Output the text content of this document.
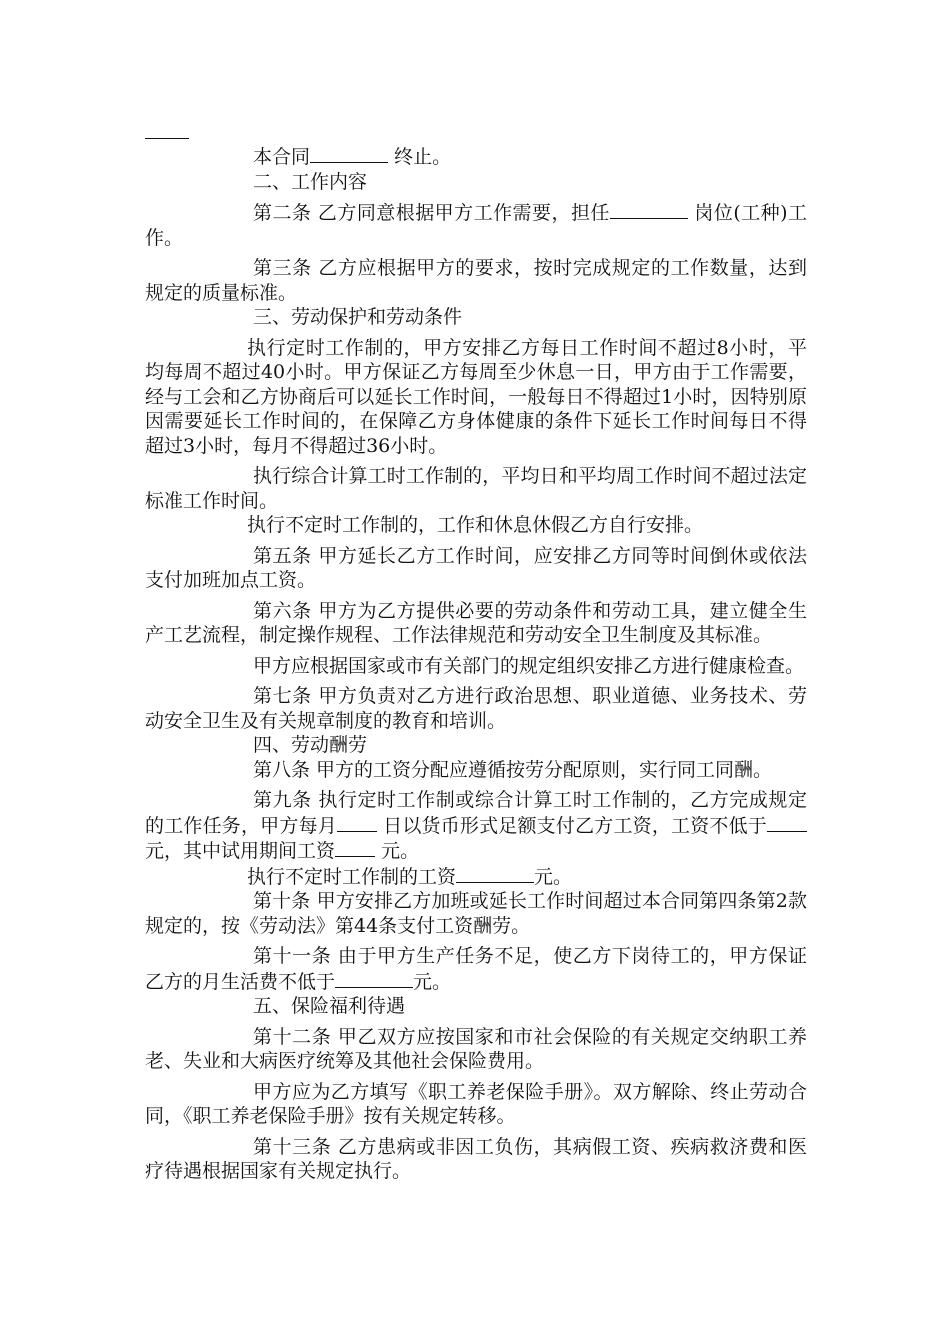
本合同	终止。

二、工作内容

第二条 乙方同意根据甲方工作需要，担任	岗位(工种)工作。

第三条 乙方应根据甲方的要求，按时完成规定的工作数量，达到规定的质量标准。

三、劳动保护和劳动条件

执行定时工作制的，甲方安排乙方每日工作时间不超过8小时，平均每周不超过40小时。甲方保证乙方每周至少休息一日，甲方由于工作需要，经与工会和乙方协商后可以延长工作时间，一般每日不得超过1小时，因特别原因需要延长工作时间的，在保障乙方身体健康的条件下延长工作时间每日不得超过3小时，每月不得超过36小时。

执行综合计算工时工作制的，平均日和平均周工作时间不超过法定标准工作时间。

执行不定时工作制的，工作和休息休假乙方自行安排。

第五条 甲方延长乙方工作时间，应安排乙方同等时间倒休或依法支付加班加点工资。

第六条 甲方为乙方提供必要的劳动条件和劳动工具，建立健全生产工艺流程，制定操作规程、工作法律规范和劳动安全卫生制度及其标准。

甲方应根据国家或市有关部门的规定组织安排乙方进行健康检查。

第七条 甲方负责对乙方进行政治思想、职业道德、业务技术、劳动安全卫生及有关规章制度的教育和培训。

四、劳动酬劳

第八条 甲方的工资分配应遵循按劳分配原则，实行同工同酬。

第九条 执行定时工作制或综合计算工时工作制的，乙方完成规定的工作任务，甲方每月 日以货币形式足额支付乙方工资，工资不低于 元，其中试用期间工资 元。

执行不定时工作制的工资	元。

第十条 甲方安排乙方加班或延长工作时间超过本合同第四条第2款规定的，按《劳动法》第44条支付工资酬劳。

第十一条 由于甲方生产任务不足，使乙方下岗待工的，甲方保证乙方的月生活费不低于	元。

五、保险福利待遇

第十二条 甲乙双方应按国家和市社会保险的有关规定交纳职工养老、失业和大病医疗统筹及其他社会保险费用。

甲方应为乙方填写《职工养老保险手册》。双方解除、终止劳动合同，《职工养老保险手册》按有关规定转移。

第十三条 乙方患病或非因工负伤，其病假工资、疾病救济费和医疗待遇根据国家有关规定执行。
